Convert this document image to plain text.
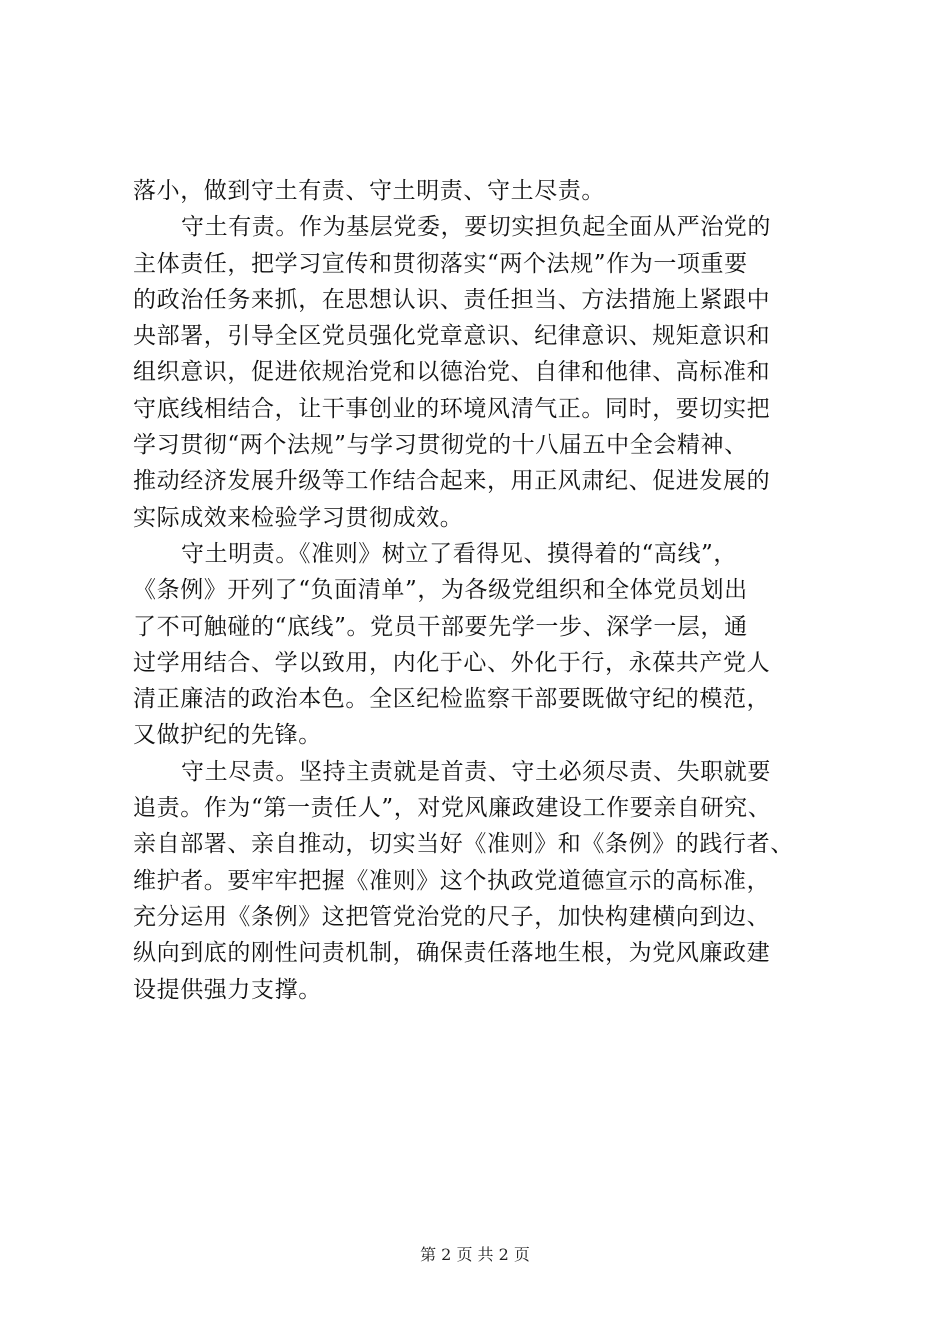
落小，做到守土有责、守土明责、守土尽责。
守土有责。作为基层党委，要切实担负起全面从严治党的
主体责任，把学习宣传和贯彻落实“两个法规”作为一项重要
的政治任务来抓，在思想认识、责任担当、方法措施上紧跟中
央部署，引导全区党员强化党章意识、纪律意识、规矩意识和
组织意识，促进依规治党和以德治党、自律和他律、高标准和
守底线相结合，让干事创业的环境风清气正。同时，要切实把
学习贯彻“两个法规”与学习贯彻党的十八届五中全会精神、
推动经济发展升级等工作结合起来，用正风肃纪、促进发展的
实际成效来检验学习贯彻成效。
守土明责。《准则》树立了看得见、摸得着的“高线”，
《条例》开列了“负面清单”，为各级党组织和全体党员划出
了不可触碰的“底线”。党员干部要先学一步、深学一层，通
过学用结合、学以致用，内化于心、外化于行，永葆共产党人
清正廉洁的政治本色。全区纪检监察干部要既做守纪的模范，
又做护纪的先锋。
守土尽责。坚持主责就是首责、守土必须尽责、失职就要
追责。作为“第一责任人”，对党风廉政建设工作要亲自研究、
亲自部署、亲自推动，切实当好《准则》和《条例》的践行者、
维护者。要牢牢把握《准则》这个执政党道德宣示的高标准，
充分运用《条例》这把管党治党的尺子，加快构建横向到边、
纵向到底的刚性问责机制，确保责任落地生根，为党风廉政建
设提供强力支撑。
第 2 页 共 2 页
